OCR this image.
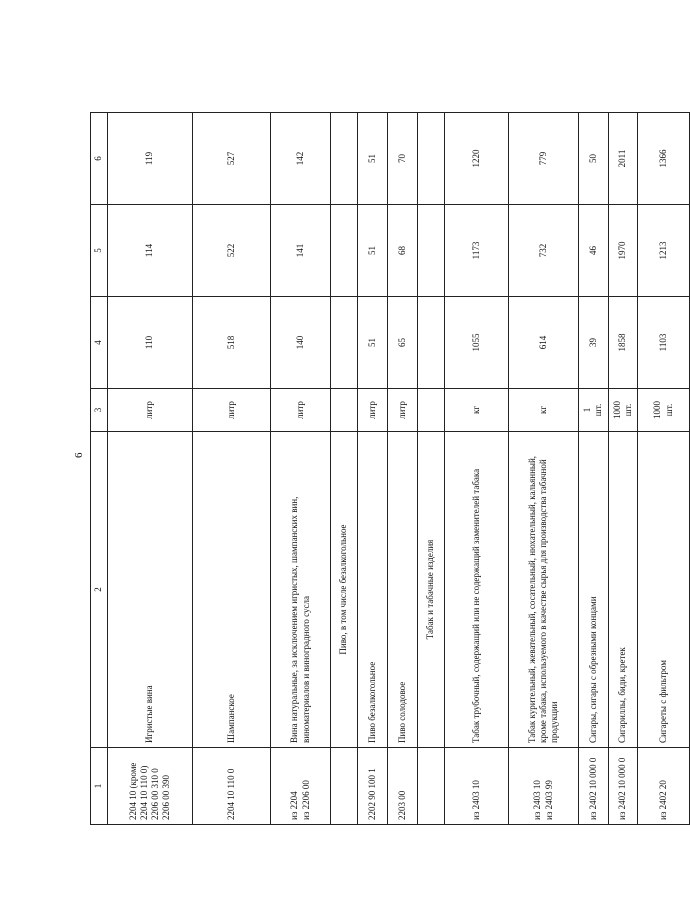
6
1	2	3	4	5	6

2204 10 (кроме 2204 10 110 0) 2206 00 310 0 2206 00 390	Игристые вина	литр	110	114	119

2204 10 110 0	Шампанское	литр	518	522	527

из 2204 из 2206 00	Вина натуральные, за исключением игристых, шампанских вин, виноматериалов и виноградного сусла	литр	140	141	142
	Пиво, в том числе безалкогольное				

2202 90 100 1	Пиво безалкогольное	литр	51	51	51

2203 00	Пиво солодовое	литр	65	68	70
	Табак и табачные изделия				

из 2403 10	Табак трубочный, содержащий или не содержащий заменителей табака	кг	1055	1173	1220

из 2403 10 из 2403 99	Табак курительный, жевательный, сосательный, нюхательный, кальянный, кроме табака, используемого в качестве сырья для производства табачной продукции	кг	614	732	779

из 2402 10 000 0	Сигары, сигары с обрезными концами	1 шт.	39	46	50

из 2402 10 000 0	Сигариллы, биди, кретек	1000 шт.	1858	1970	2011

из 2402 20	Сигареты с фильтром	1000 шт.	1103	1213	1366
